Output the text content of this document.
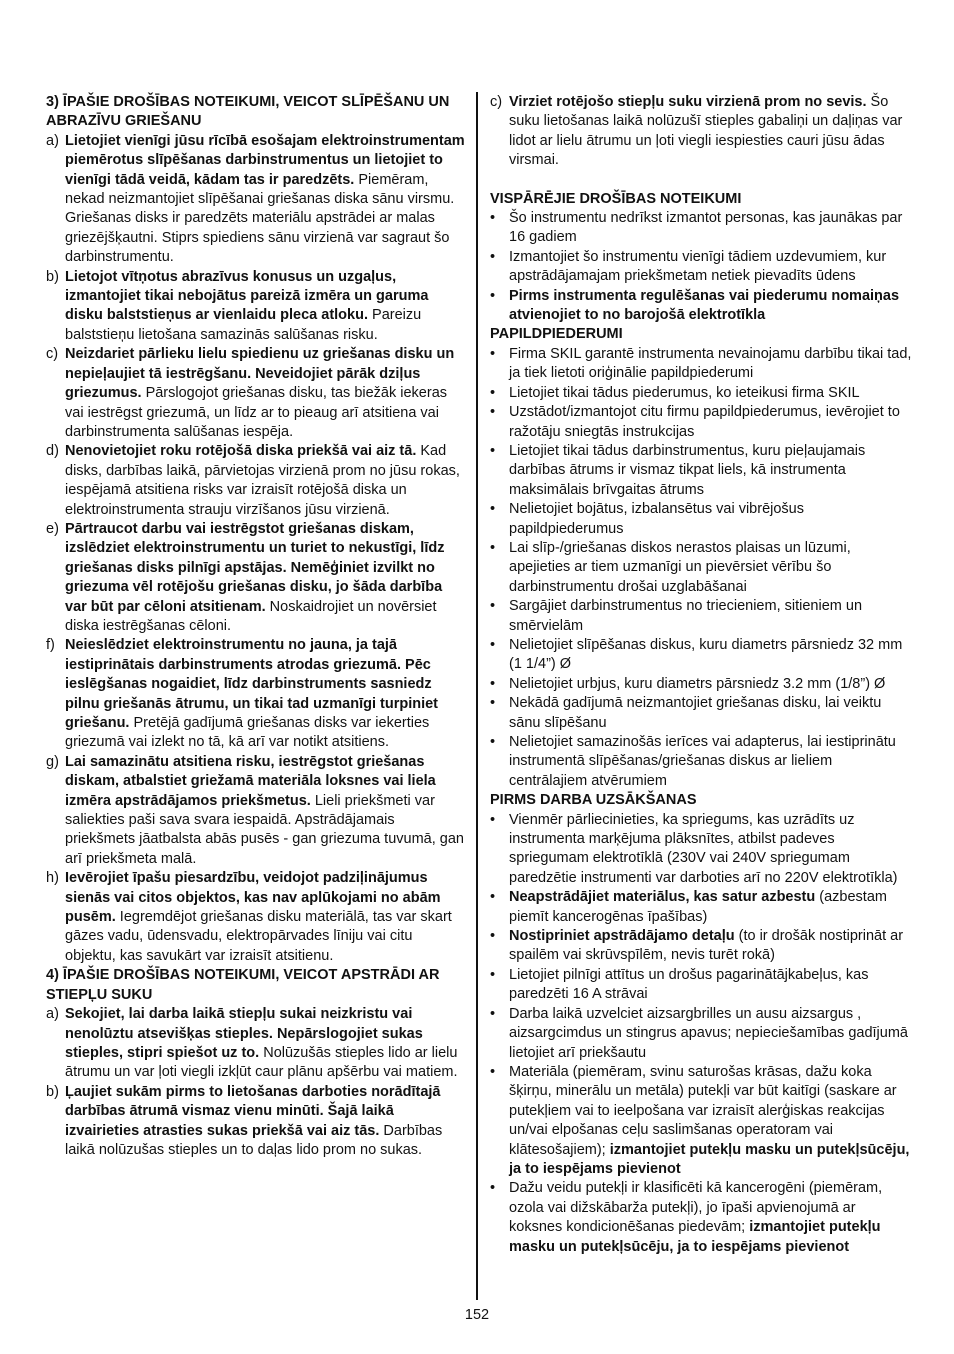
3) ĪPAŠIE DROŠĪBAS NOTEIKUMI, VEICOT SLĪPĒŠANU UN ABRAZĪVU GRIEŠANU
a) Lietojiet vienīgi jūsu rīcībā esošajam elektroinstrumentam piemērotus slīpēšanas darbinstrumentus un lietojiet to vienīgi tādā veidā, kādam tas ir paredzēts. Piemēram, nekad neizmantojiet slīpēšanai griešanas diska sānu virsmu. Griešanas disks ir paredzēts materiālu apstrādei ar malas griezējšķautni. Stiprs spiediens sānu virzienā var sagraut šo darbinstrumentu.
b) Lietojot vītņotus abrazīvus konusus un uzgaļus, izmantojiet tikai nebojātus pareizā izmēra un garuma disku balststieņus ar vienlaidu pleca atloku. Pareizu balststieņu lietošana samazinās salūšanas risku.
c) Neizdariet pārlieku lielu spiedienu uz griešanas disku un nepieļaujiet tā iestrēgšanu. Neveidojiet pārāk dziļus griezumus. Pārslogojot griešanas disku, tas biežāk iekeras vai iestrēgst griezumā, un līdz ar to pieaug arī atsitiena vai darbinstrumenta salūšanas iespēja.
d) Nenovietojiet roku rotējošā diska priekšā vai aiz tā. Kad disks, darbības laikā, pārvietojas virzienā prom no jūsu rokas, iespējamā atsitiena risks var izraisīt rotējošā diska un elektroinstrumenta strauju virzīšanos jūsu virzienā.
e) Pārtraucot darbu vai iestrēgstot griešanas diskam, izslēdziet elektroinstrumentu un turiet to nekustīgi, līdz griešanas disks pilnīgi apstājas. Nemēģiniet izvilkt no griezuma vēl rotējošu griešanas disku, jo šāda darbība var būt par cēloni atsitienam. Noskaidrojiet un novērsiet diska iestrēgšanas cēloni.
f) Neieslēdziet elektroinstrumentu no jauna, ja tajā iestiprinātais darbinstruments atrodas griezumā. Pēc ieslēgšanas nogaidiet, līdz darbinstruments sasniedz pilnu griešanās ātrumu, un tikai tad uzmanīgi turpiniet griešanu. Pretējā gadījumā griešanas disks var iekerties griezumā vai izlekt no tā, kā arī var notikt atsitiens.
g) Lai samazinātu atsitiena risku, iestrēgstot griešanas diskam, atbalstiet griežamā materiāla loksnes vai liela izmēra apstrādājamos priekšmetus. Lieli priekšmeti var saliekties paši sava svara iespaidā. Apstrādājamais priekšmets jāatbalsta abās pusēs - gan griezuma tuvumā, gan arī priekšmeta malā.
h) Ievērojiet īpašu piesardzību, veidojot padziļinājumus sienās vai citos objektos, kas nav aplūkojami no abām pusēm. Iegremdējot griešanas disku materiālā, tas var skart gāzes vadu, ūdensvadu, elektropārvades līniju vai citu objektu, kas savukārt var izraisīt atsitienu.
4) ĪPAŠIE DROŠĪBAS NOTEIKUMI, VEICOT APSTRĀDI AR STIEPĻU SUKU
a) Sekojiet, lai darba laikā stiepļu sukai neizkristu vai nenolūztu atsevišķas stieples. Nepārslogojiet sukas stieples, stipri spiešot uz to. Nolūzušās stieples lido ar lielu ātrumu un var ļoti viegli izkļūt caur plānu apšērbu vai matiem.
b) Ļaujiet sukām pirms to lietošanas darboties norādītajā darbības ātrumā vismaz vienu minūti. Šajā laikā izvairieties atrasties sukas priekšā vai aiz tās. Darbības laikā nolūzušas stieples un to daļas lido prom no sukas.
c) Virziet rotējošo stiepļu suku virzienā prom no sevis. Šo suku lietošanas laikā nolūzušī stieples gabaliņi un daļiņas var lidot ar lielu ātrumu un ļoti viegli iespiesties cauri jūsu ādas virsmai.
VISPĀRĒJIE DROŠĪBAS NOTEIKUMI
• Šo instrumentu nedrīkst izmantot personas, kas jaunākas par 16 gadiem
• Izmantojiet šo instrumentu vienīgi tādiem uzdevumiem, kur apstrādājamajam priekšmetam netiek pievadīts ūdens
• Pirms instrumenta regulēšanas vai piederumu nomaiņas atvienojiet to no barojošā elektrotīkla
PAPILDPIEDERUMI
• Firma SKIL garantē instrumenta nevainojamu darbību tikai tad, ja tiek lietoti oriģinālie papildpiederumi
• Lietojiet tikai tādus piederumus, ko ieteikusi firma SKIL
• Uzstādot/izmantojot citu firmu papildpiederumus, ievērojiet to ražotāju sniegtās instrukcijas
• Lietojiet tikai tādus darbinstrumentus, kuru pieļaujamais darbības ātrums ir vismaz tikpat liels, kā instrumenta maksimālais brīvgaitas ātrums
• Nelietojiet bojātus, izbalansētus vai vibrējošus papildpiederumus
• Lai slīp-/griešanas diskos nerastos plaisas un lūzumi, apejieties ar tiem uzmanīgi un pievērsiet vērību šo darbinstrumentu drošai uzglabāšanai
• Sargājiet darbinstrumentus no triecieniem, sitieniem un smērvielām
• Nelietojiet slīpēšanas diskus, kuru diametrs pārsniedz 32 mm (1 1/4”) Ø
• Nelietojiet urbjus, kuru diametrs pārsniedz 3.2 mm (1/8”) Ø
• Nekādā gadījumā neizmantojiet griešanas disku, lai veiktu sānu slīpēšanu
• Nelietojiet samazinošās ierīces vai adapterus, lai iestiprinātu instrumentā slīpēšanas/griešanas diskus ar lieliem centrālajiem atvērumiem
PIRMS DARBA UZSĀKŠANAS
• Vienmēr pārliecinieties, ka spriegums, kas uzrādīts uz instrumenta marķējuma plāksnītes, atbilst padeves spriegumam elektrotīklā (230V vai 240V spriegumam paredzētie instrumenti var darboties arī no 220V elektrotīkla)
• Neapstrādājiet materiālus, kas satur azbestu (azbestam piemīt kancerogēnas īpašības)
• Nostipriniet apstrādājamo detaļu (to ir drošāk nostiprināt ar spailēm vai skrūvspīlēm, nevis turēt rokā)
• Lietojiet pilnīgi attītus un drošus pagarinātājkabeļus, kas paredzēti 16 A strāvai
• Darba laikā uzvelciet aizsargbrilles un ausu aizsargus , aizsargcimdus un stingrus apavus; nepieciešamības gadījumā lietojiet arī priekšautu
• Materiāla (piemēram, svinu saturošas krāsas, dažu koka šķirņu, minerālu un metāla) putekļi var būt kaitīgi (saskare ar putekļiem vai to ieelpošana var izraisīt alerģiskas reakcijas un/vai elpošanas ceļu saslimšanas operatoram vai klātesošajiem); izmantojiet putekļu masku un putekļsūcēju, ja to iespējams pievienot
• Dažu veidu putekļi ir klasificēti kā kancerogēni (piemēram, ozola vai dižskābarža putekļi), jo īpaši apvienojumā ar koksnes kondicionēšanas piedevām; izmantojiet putekļu masku un putekļsūcēju, ja to iespējams pievienot
152
